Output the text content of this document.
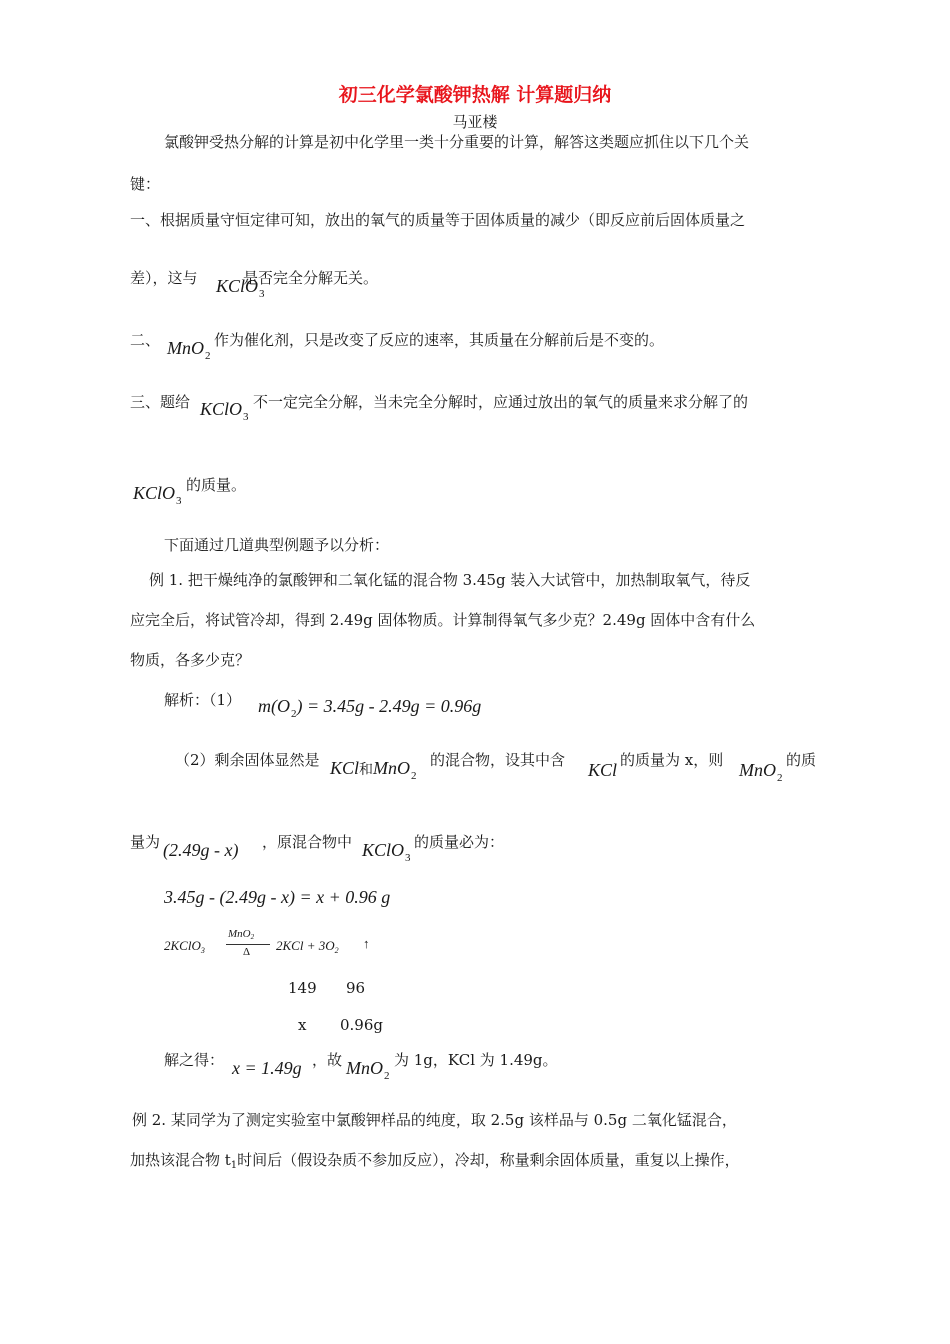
初三化学氯酸钾热解 计算题归纳
马亚楼
氯酸钾受热分解的计算是初中化学里一类十分重要的计算，解答这类题应抓住以下几个关
键：
一、根据质量守恒定律可知，放出的氧气的质量等于固体质量的减少（即反应前后固体质量之
差），这与 KClO$_3$
是否完全分解无关。
二、 MnO$_2$
作为催化剂，只是改变了反应的速率，其质量在分解前后是不变的。
三、题给 KClO$_3$
不一定完全分解，当未完全分解时，应通过放出的氧气的质量来求分解了的
KClO$_3$
的质量。
下面通过几道典型例题予以分析：
例 1. 把干燥纯净的氯酸钾和二氧化锰的混合物 3.45g 装入大试管中，加热制取氧气，待反
应完全后，将试管冷却，得到 2.49g 固体物质。计算制得氧气多少克？2.49g 固体中含有什么
物质，各多少克？
解析：（1） $m(O_2) = 3.45g - 2.49g = 0.96g$
（2）剩余固体显然是 KCl和MnO$_2$
的混合物，设其中含 KCl 的质量为 x，则 MnO$_2$
的质
量为 (2.49g - x) ，原混合物中 KClO$_3$
的质量必为：
3.45g - (2.49g - x) = x + 0.96 g
2KClO$_3$
MnO2
Δ $2KCl + 3O_2$ ↑
149 96
x 0.96g
解之得： x = 1.49g ，故 MnO$_2$
为 1g，KCl 为 1.49g。
例 2. 某同学为了测定实验室中氯酸钾样品的纯度，取 2.5g 该样品与 0.5g 二氧化锰混合，
加热该混合物 $t_1$时间后（假设杂质不参加反应），冷却，称量剩余固体质量，重复以上操作，
